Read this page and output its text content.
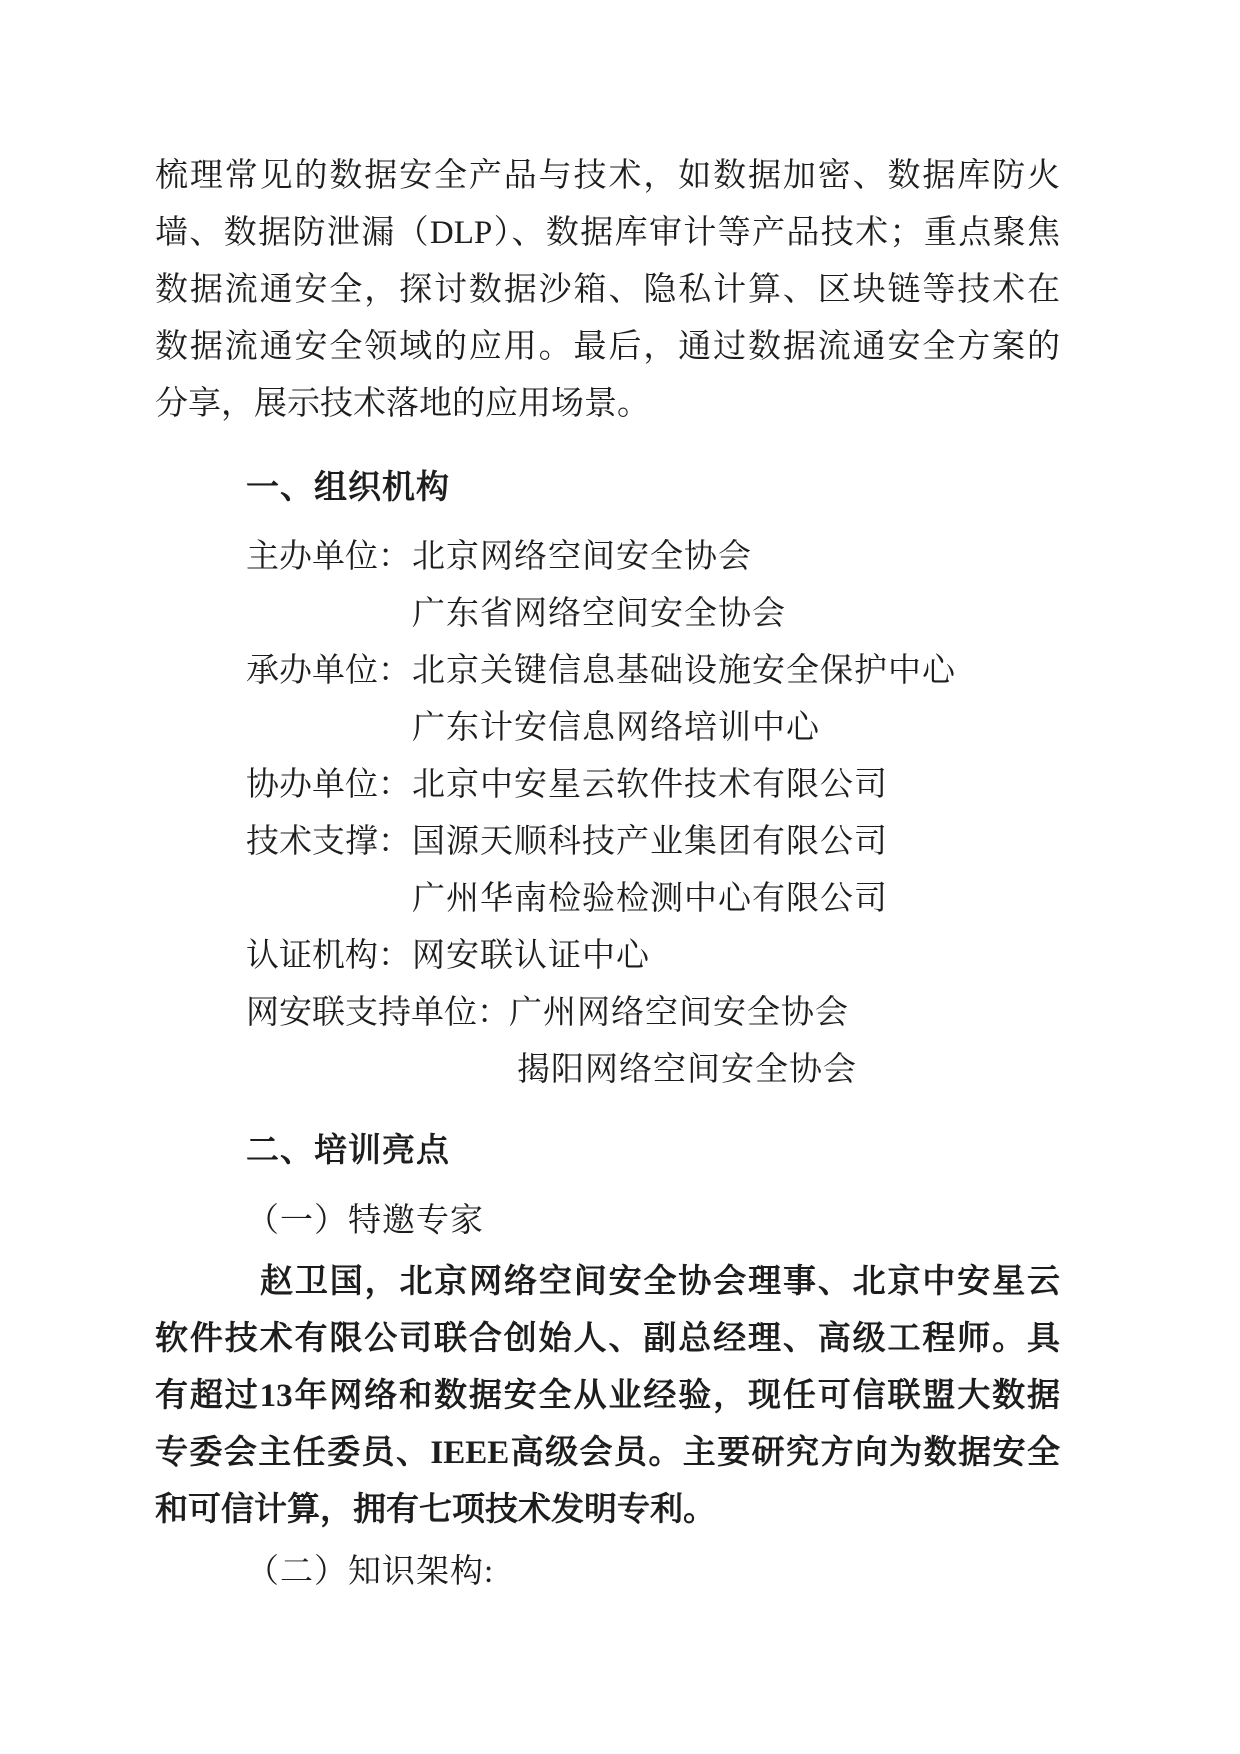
梳理常见的数据安全产品与技术，如数据加密、数据库防火
墙、数据防泄漏（DLP）、数据库审计等产品技术；重点聚焦
数据流通安全，探讨数据沙箱、隐私计算、区块链等技术在
数据流通安全领域的应用。最后，通过数据流通安全方案的
分享，展示技术落地的应用场景。
一、组织机构
主办单位：北京网络空间安全协会
广东省网络空间安全协会
承办单位：北京关键信息基础设施安全保护中心
广东计安信息网络培训中心
协办单位：北京中安星云软件技术有限公司
技术支撑：国源天顺科技产业集团有限公司
广州华南检验检测中心有限公司
认证机构：网安联认证中心
网安联支持单位：广州网络空间安全协会
揭阳网络空间安全协会
二、培训亮点
（一）特邀专家
赵卫国，北京网络空间安全协会理事、北京中安星云
软件技术有限公司联合创始人、副总经理、高级工程师。具
有超过13年网络和数据安全从业经验，现任可信联盟大数据
专委会主任委员、IEEE高级会员。主要研究方向为数据安全
和可信计算，拥有七项技术发明专利。
（二）知识架构:
